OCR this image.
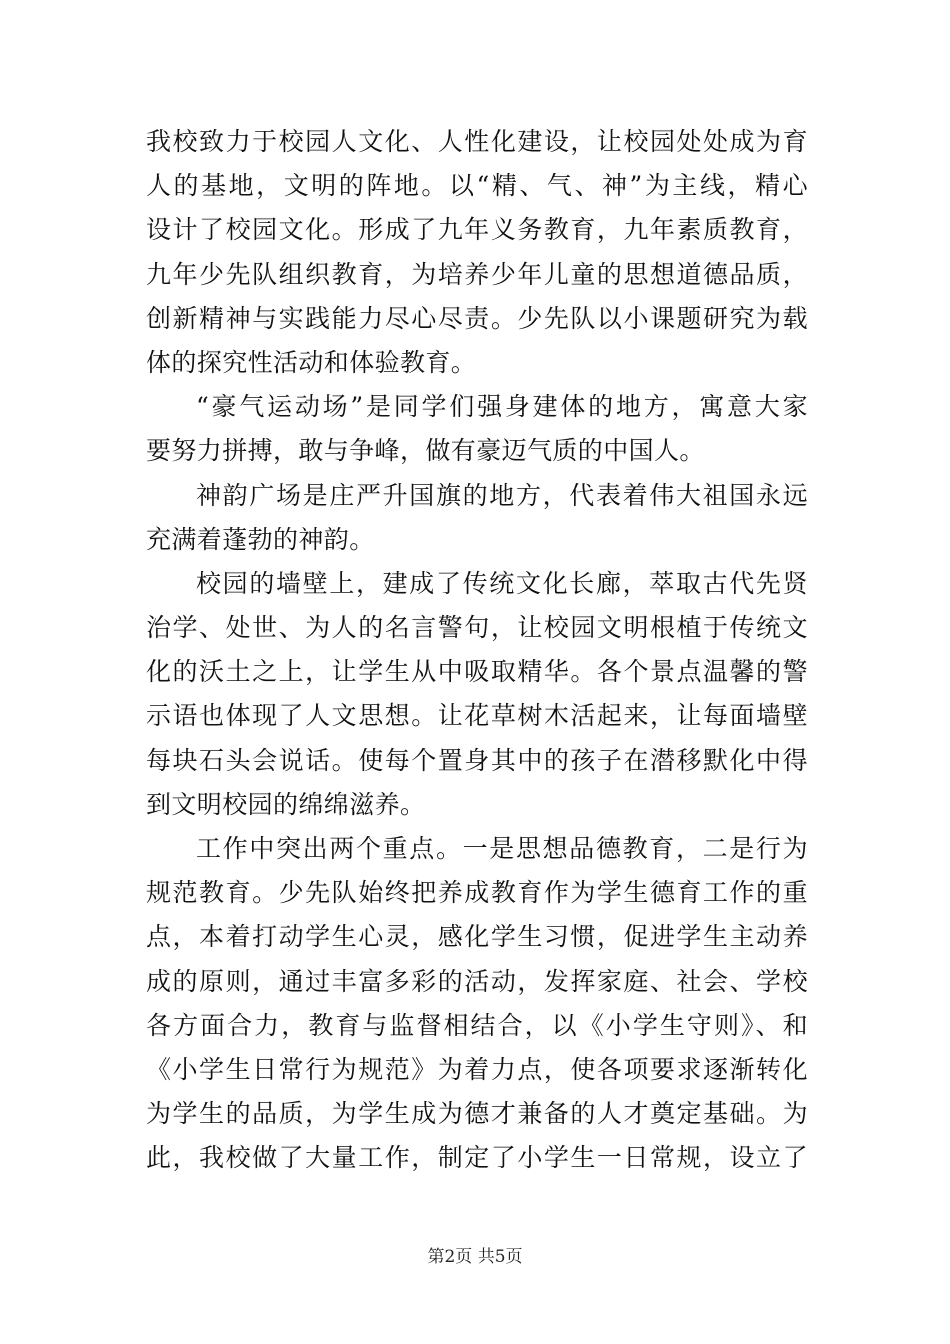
我校致力于校园人文化、人性化建设，让校园处处成为育
人的基地，文明的阵地。以“精、气、神”为主线，精心
设计了校园文化。形成了九年义务教育，九年素质教育，
九年少先队组织教育，为培养少年儿童的思想道德品质，
创新精神与实践能力尽心尽责。少先队以小课题研究为载
体的探究性活动和体验教育。
“豪气运动场”是同学们强身建体的地方，寓意大家
要努力拼搏，敢与争峰，做有豪迈气质的中国人。
神韵广场是庄严升国旗的地方，代表着伟大祖国永远
充满着蓬勃的神韵。
校园的墙壁上，建成了传统文化长廊，萃取古代先贤
治学、处世、为人的名言警句，让校园文明根植于传统文
化的沃土之上，让学生从中吸取精华。各个景点温馨的警
示语也体现了人文思想。让花草树木活起来，让每面墙壁
每块石头会说话。使每个置身其中的孩子在潜移默化中得
到文明校园的绵绵滋养。
工作中突出两个重点。一是思想品德教育，二是行为
规范教育。少先队始终把养成教育作为学生德育工作的重
点，本着打动学生心灵，感化学生习惯，促进学生主动养
成的原则，通过丰富多彩的活动，发挥家庭、社会、学校
各方面合力，教育与监督相结合，以《小学生守则》、和
《小学生日常行为规范》为着力点，使各项要求逐渐转化
为学生的品质，为学生成为德才兼备的人才奠定基础。为
此，我校做了大量工作，制定了小学生一日常规，设立了
第2页 共5页
